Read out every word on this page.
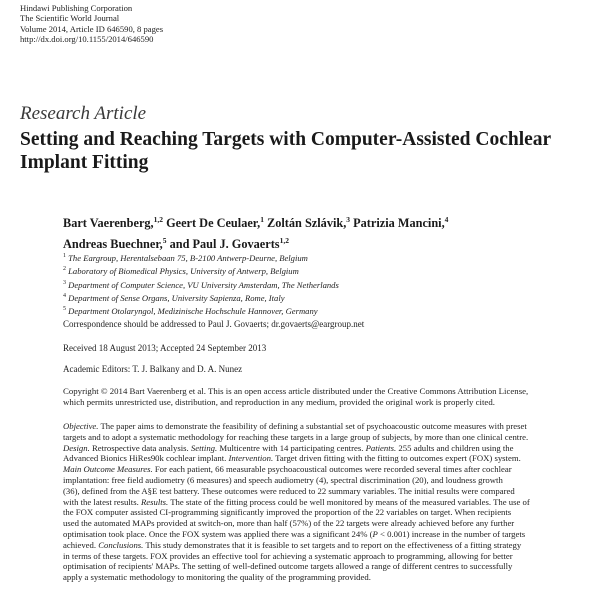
Hindawi Publishing Corporation
The Scientific World Journal
Volume 2014, Article ID 646590, 8 pages
http://dx.doi.org/10.1155/2014/646590
Research Article
Setting and Reaching Targets with Computer-Assisted Cochlear
Implant Fitting
Bart Vaerenberg,$^{1,2}$ Geert De Ceulaer,$^1$ Zoltán Szlávik,$^3$ Patrizia Mancini,$^4$
Andreas Buechner,$^5$ and Paul J. Govaerts$^{1,2}$
$^1$ The Eargroup, Herentalsebaan 75, B-2100 Antwerp-Deurne, Belgium
$^2$ Laboratory of Biomedical Physics, University of Antwerp, Belgium
$^3$ Department of Computer Science, VU University Amsterdam, The Netherlands
$^4$ Department of Sense Organs, University Sapienza, Rome, Italy
$^5$ Department Otolaryngol, Medizinische Hochschule Hannover, Germany
Correspondence should be addressed to Paul J. Govaerts; dr.govaerts@eargroup.net
Received 18 August 2013; Accepted 24 September 2013
Academic Editors: T. J. Balkany and D. A. Nunez
Copyright © 2014 Bart Vaerenberg et al. This is an open access article distributed under the Creative Commons Attribution License,
which permits unrestricted use, distribution, and reproduction in any medium, provided the original work is properly cited.
Objective. The paper aims to demonstrate the feasibility of defining a substantial set of psychoacoustic outcome measures with preset
targets and to adopt a systematic methodology for reaching these targets in a large group of subjects, by more than one clinical centre.
Design. Retrospective data analysis. Setting. Multicentre with 14 participating centres. Patients. 255 adults and children using the
Advanced Bionics HiRes90k cochlear implant. Intervention. Target driven fitting with the fitting to outcomes expert (FOX) system.
Main Outcome Measures. For each patient, 66 measurable psychoacoustical outcomes were recorded several times after cochlear
implantation: free field audiometry (6 measures) and speech audiometry (4), spectral discrimination (20), and loudness growth
(36), defined from the A§E test battery. These outcomes were reduced to 22 summary variables. The initial results were compared
with the latest results. Results. The state of the fitting process could be well monitored by means of the measured variables. The use of
the FOX computer assisted CI-programming significantly improved the proportion of the 22 variables on target. When recipients
used the automated MAPs provided at switch-on, more than half (57%) of the 22 targets were already achieved before any further
optimisation took place. Once the FOX system was applied there was a significant 24% (P < 0.001) increase in the number of targets
achieved. Conclusions. This study demonstrates that it is feasible to set targets and to report on the effectiveness of a fitting strategy
in terms of these targets. FOX provides an effective tool for achieving a systematic approach to programming, allowing for better
optimisation of recipients' MAPs. The setting of well-defined outcome targets allowed a range of different centres to successfully
apply a systematic methodology to monitoring the quality of the programming provided.
